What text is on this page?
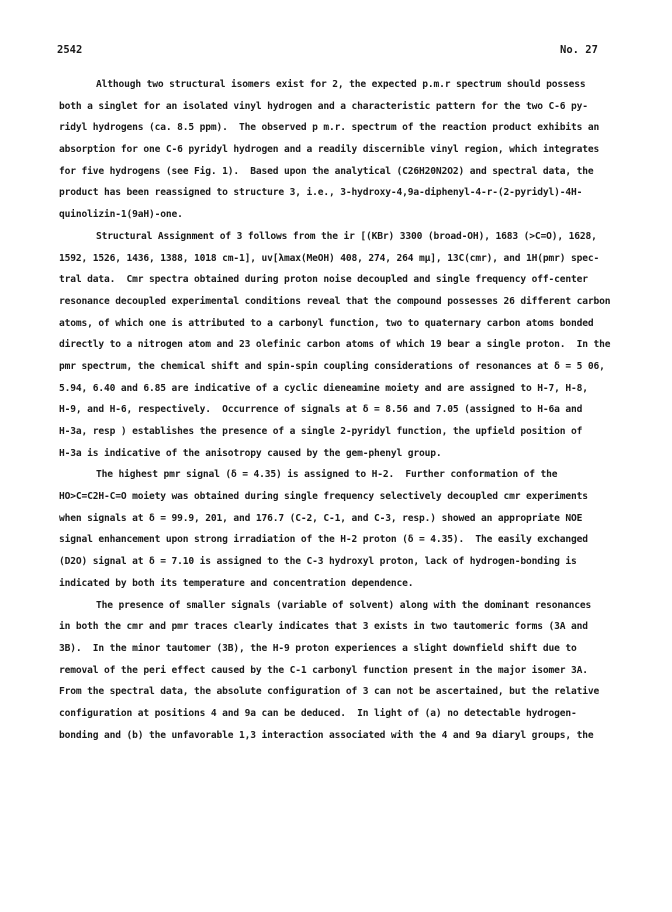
2542	No. 27
Although two structural isomers exist for 2, the expected p.m.r spectrum should possess
both a singlet for an isolated vinyl hydrogen and a characteristic pattern for the two C-6 py-
ridyl hydrogens (ca. 8.5 ppm).  The observed p m.r. spectrum of the reaction product exhibits an
absorption for one C-6 pyridyl hydrogen and a readily discernible vinyl region, which integrates
for five hydrogens (see Fig. 1).  Based upon the analytical (C26H20N2O2) and spectral data, the
product has been reassigned to structure 3, i.e., 3-hydroxy-4,9a-diphenyl-4-r-(2-pyridyl)-4H-
quinolizin-1(9aH)-one.
Structural Assignment of 3 follows from the ir [(KBr) 3300 (broad-OH), 1683 (>C=O), 1628,
1592, 1526, 1436, 1388, 1018 cm-1], uv[λmax(MeOH) 408, 274, 264 mμ], 13C(cmr), and 1H(pmr) spec-
tral data.  Cmr spectra obtained during proton noise decoupled and single frequency off-center
resonance decoupled experimental conditions reveal that the compound possesses 26 different carbon
atoms, of which one is attributed to a carbonyl function, two to quaternary carbon atoms bonded
directly to a nitrogen atom and 23 olefinic carbon atoms of which 19 bear a single proton.  In the
pmr spectrum, the chemical shift and spin-spin coupling considerations of resonances at δ = 5 06,
5.94, 6.40 and 6.85 are indicative of a cyclic dieneamine moiety and are assigned to H-7, H-8,
H-9, and H-6, respectively.  Occurrence of signals at δ = 8.56 and 7.05 (assigned to H-6a and
H-3a, resp ) establishes the presence of a single 2-pyridyl function, the upfield position of
H-3a is indicative of the anisotropy caused by the gem-phenyl group.
The highest pmr signal (δ = 4.35) is assigned to H-2.  Further conformation of the
HO>C=C2H-C=O moiety was obtained during single frequency selectively decoupled cmr experiments
when signals at δ = 99.9, 201, and 176.7 (C-2, C-1, and C-3, resp.) showed an appropriate NOE
signal enhancement upon strong irradiation of the H-2 proton (δ = 4.35).  The easily exchanged
(D2O) signal at δ = 7.10 is assigned to the C-3 hydroxyl proton, lack of hydrogen-bonding is
indicated by both its temperature and concentration dependence.
The presence of smaller signals (variable of solvent) along with the dominant resonances
in both the cmr and pmr traces clearly indicates that 3 exists in two tautomeric forms (3A and
3B).  In the minor tautomer (3B), the H-9 proton experiences a slight downfield shift due to
removal of the peri effect caused by the C-1 carbonyl function present in the major isomer 3A.
From the spectral data, the absolute configuration of 3 can not be ascertained, but the relative
configuration at positions 4 and 9a can be deduced.  In light of (a) no detectable hydrogen-
bonding and (b) the unfavorable 1,3 interaction associated with the 4 and 9a diaryl groups, the
